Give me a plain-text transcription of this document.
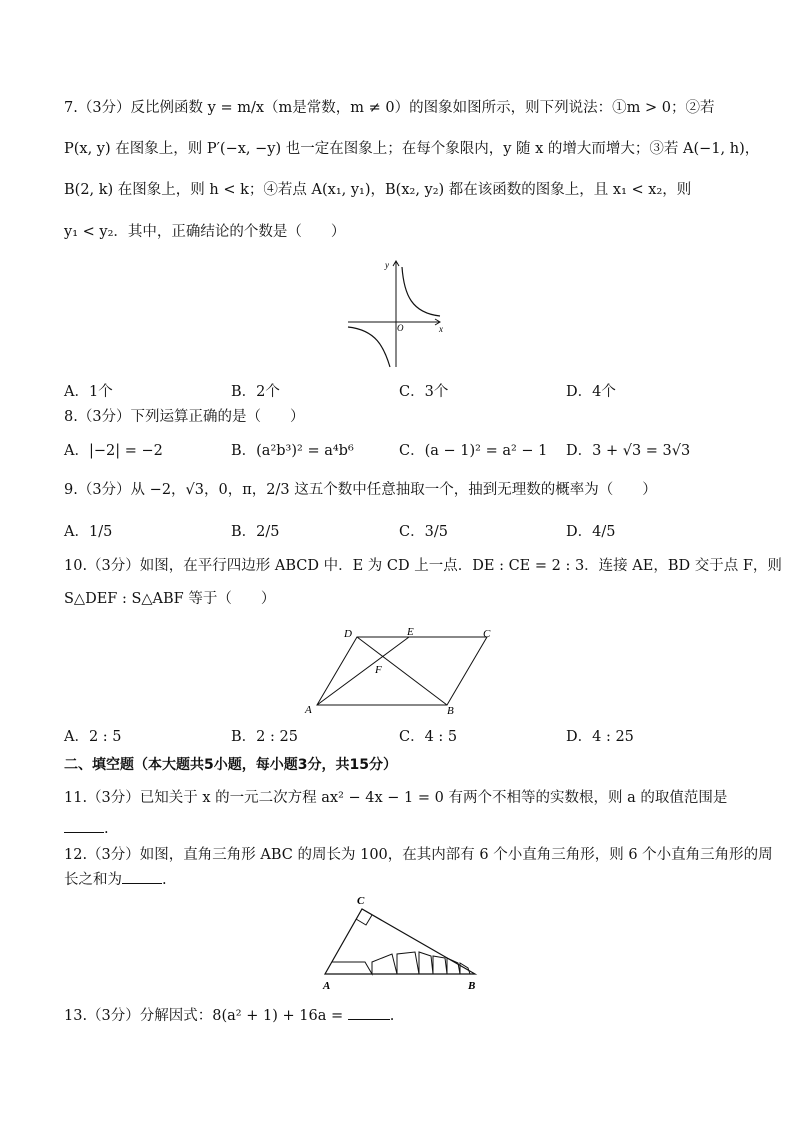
7.（3分）反比例函数 y = m/x（m是常数，m ≠ 0）的图象如图所示，则下列说法：①m > 0；②若
P(x, y) 在图象上，则 P′(−x, −y) 也一定在图象上；在每个象限内，y 随 x 的增大而增大；③若 A(−1, h)，
B(2, k) 在图象上，则 h < k；④若点 A(x₁, y₁)，B(x₂, y₂) 都在该函数的图象上，且 x₁ < x₂，则
y₁ < y₂．其中，正确结论的个数是（　　）
x
y
O
A．1个	B．2个	C．3个	D．4个
8.（3分）下列运算正确的是（　　）
A．|−2| = −2	B．(a²b³)² = a⁴b⁶	C．(a − 1)² = a² − 1 D．3 + √3 = 3√3
9.（3分）从 −2，√3，0，π，2/3 这五个数中任意抽取一个，抽到无理数的概率为（　　）
A．1/5	B．2/5	C．3/5	D．4/5
10.（3分）如图，在平行四边形 ABCD 中．E 为 CD 上一点．DE : CE = 2 : 3．连接 AE，BD 交于点 F，则
S△DEF : S△ABF 等于（　　）
A	B
C
D	E
F
A．2 : 5	B．2 : 25	C．4 : 5	D．4 : 25
二、填空题（本大题共5小题，每小题3分，共15分）
11.（3分）已知关于 x 的一元二次方程 ax² − 4x − 1 = 0 有两个不相等的实数根，则 a 的取值范围是
.
12.（3分）如图，直角三角形 ABC 的周长为 100，在其内部有 6 个小直角三角形，则 6 个小直角三角形的周
长之和为	.
C
A	B
13.（3分）分解因式：8(a² + 1) + 16a =	.
